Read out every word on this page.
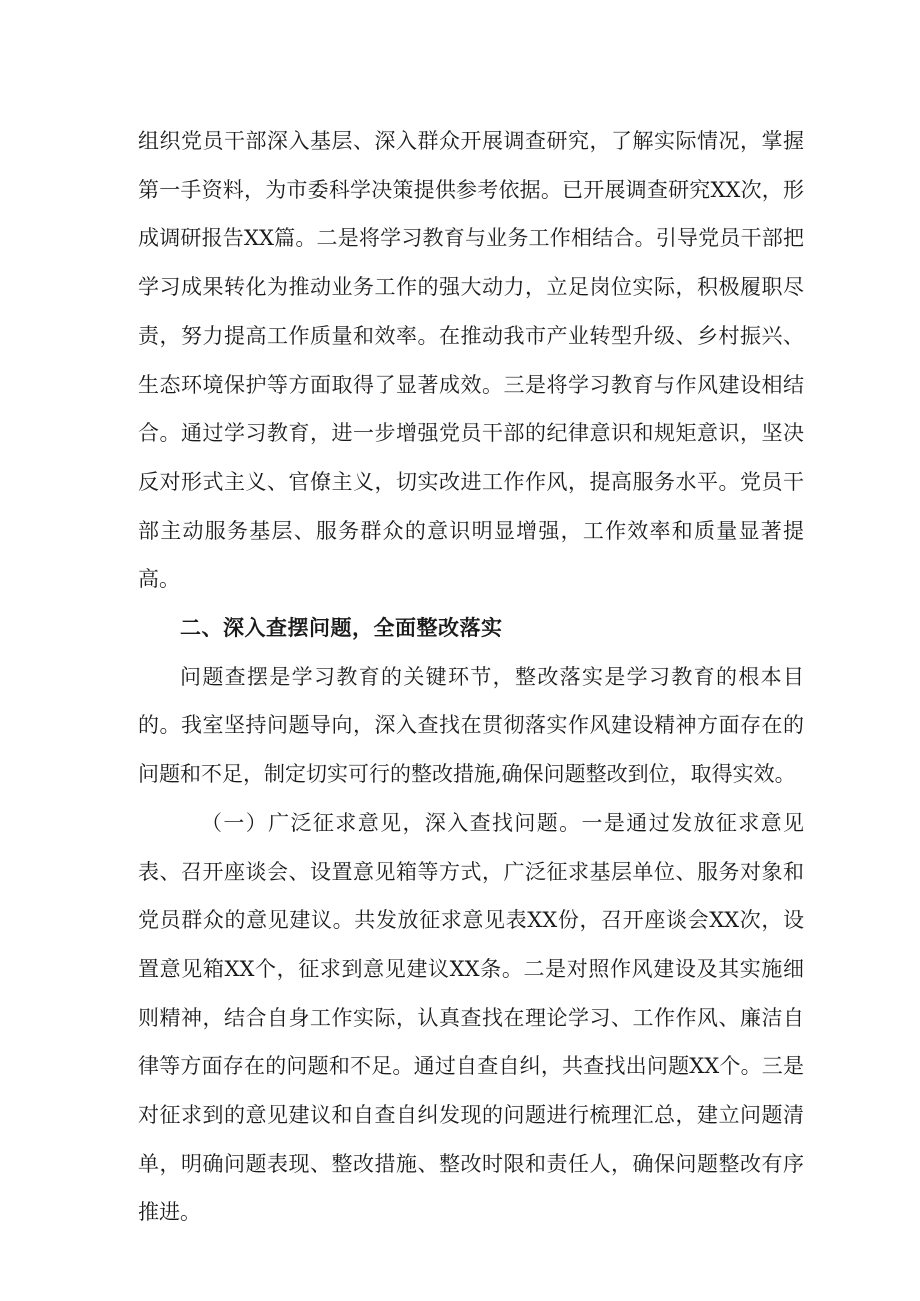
组织党员干部深入基层、深入群众开展调查研究，了解实际情况，掌握第一手资料，为市委科学决策提供参考依据。已开展调查研究XX次，形成调研报告XX篇。二是将学习教育与业务工作相结合。引导党员干部把学习成果转化为推动业务工作的强大动力，立足岗位实际，积极履职尽责，努力提高工作质量和效率。在推动我市产业转型升级、乡村振兴、生态环境保护等方面取得了显著成效。三是将学习教育与作风建设相结合。通过学习教育，进一步增强党员干部的纪律意识和规矩意识，坚决反对形式主义、官僚主义，切实改进工作作风，提高服务水平。党员干部主动服务基层、服务群众的意识明显增强，工作效率和质量显著提高。

二、深入查摆问题，全面整改落实

问题查摆是学习教育的关键环节，整改落实是学习教育的根本目的。我室坚持问题导向，深入查找在贯彻落实作风建设精神方面存在的问题和不足，制定切实可行的整改措施,确保问题整改到位，取得实效。

（一）广泛征求意见，深入查找问题。一是通过发放征求意见表、召开座谈会、设置意见箱等方式，广泛征求基层单位、服务对象和党员群众的意见建议。共发放征求意见表XX份，召开座谈会XX次，设置意见箱XX个，征求到意见建议XX条。二是对照作风建设及其实施细则精神，结合自身工作实际，认真查找在理论学习、工作作风、廉洁自律等方面存在的问题和不足。通过自查自纠，共查找出问题XX个。三是对征求到的意见建议和自查自纠发现的问题进行梳理汇总，建立问题清单，明确问题表现、整改措施、整改时限和责任人，确保问题整改有序推进。
